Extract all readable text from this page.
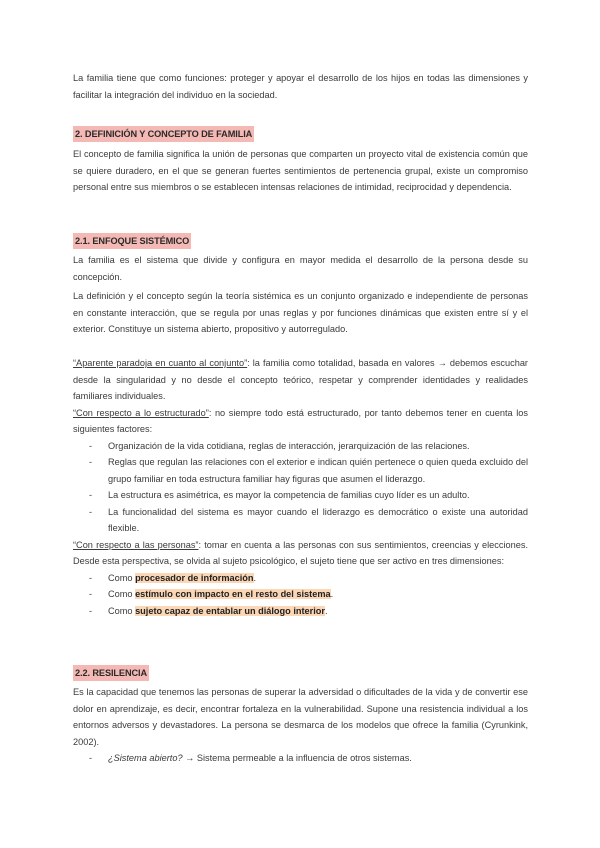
La familia tiene que como funciones: proteger y apoyar el desarrollo de los hijos en todas las dimensiones y facilitar la integración del individuo en la sociedad.

2. DEFINICIÓN Y CONCEPTO DE FAMILIA

El concepto de familia significa la unión de personas que comparten un proyecto vital de existencia común que se quiere duradero, en el que se generan fuertes sentimientos de pertenencia grupal, existe un compromiso personal entre sus miembros o se establecen intensas relaciones de intimidad, reciprocidad y dependencia.

2.1. ENFOQUE SISTÉMICO

La familia es el sistema que divide y configura en mayor medida el desarrollo de la persona desde su concepción.

La definición y el concepto según la teoría sistémica es un conjunto organizado e independiente de personas en constante interacción, que se regula por unas reglas y por funciones dinámicas que existen entre sí y el exterior. Constituye un sistema abierto, propositivo y autorregulado.

“Aparente paradoja en cuanto al conjunto”: la familia como totalidad, basada en valores → debemos escuchar desde la singularidad y no desde el concepto teórico, respetar y comprender identidades y realidades familiares individuales.

“Con respecto a lo estructurado”: no siempre todo está estructurado, por tanto debemos tener en cuenta los siguientes factores:

- Organización de la vida cotidiana, reglas de interacción, jerarquización de las relaciones.
- Reglas que regulan las relaciones con el exterior e indican quién pertenece o quien queda excluido del grupo familiar en toda estructura familiar hay figuras que asumen el liderazgo.
- La estructura es asimétrica, es mayor la competencia de familias cuyo líder es un adulto.
- La funcionalidad del sistema es mayor cuando el liderazgo es democrático o existe una autoridad flexible.

“Con respecto a las personas”: tomar en cuenta a las personas con sus sentimientos, creencias y elecciones. Desde esta perspectiva, se olvida al sujeto psicológico, el sujeto tiene que ser activo en tres dimensiones:

- Como procesador de información.
- Como estímulo con impacto en el resto del sistema.
- Como sujeto capaz de entablar un diálogo interior.
2.2. RESILENCIA

Es la capacidad que tenemos las personas de superar la adversidad o dificultades de la vida y de convertir ese dolor en aprendizaje, es decir, encontrar fortaleza en la vulnerabilidad. Supone una resistencia individual a los entornos adversos y devastadores. La persona se desmarca de los modelos que ofrece la familia (Cyrunkink, 2002).

- ¿Sistema abierto? → Sistema permeable a la influencia de otros sistemas.
